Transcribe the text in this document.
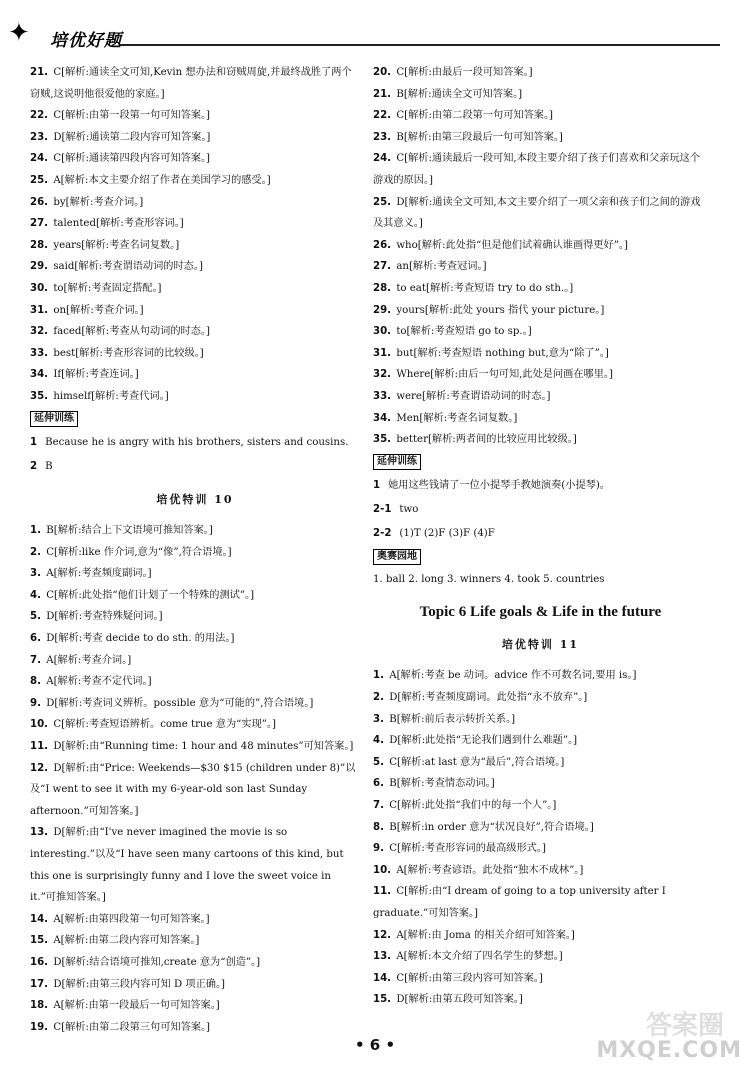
✦ 培优好题
21. C[解析:通读全文可知,Kevin 想办法和窃贼周旋,并最终战胜了两个窃贼,这说明他很爱他的家庭。]
22. C[解析:由第一段第一句可知答案。]
23. D[解析:通读第二段内容可知答案。]
24. C[解析:通读第四段内容可知答案。]
25. A[解析:本文主要介绍了作者在美国学习的感受。]
26. by[解析:考查介词。]
27. talented[解析:考查形容词。]
28. years[解析:考查名词复数。]
29. said[解析:考查谓语动词的时态。]
30. to[解析:考查固定搭配。]
31. on[解析:考查介词。]
32. faced[解析:考查从句动词的时态。]
33. best[解析:考查形容词的比较级。]
34. If[解析:考查连词。]
35. himself[解析:考查代词。]
延伸训练
1 Because he is angry with his brothers, sisters and cousins.
2 B
培优特训 10
1. B[解析:结合上下文语境可推知答案。]
2. C[解析:like 作介词,意为“像”,符合语境。]
3. A[解析:考查频度副词。]
4. C[解析:此处指“他们计划了一个特殊的测试”。]
5. D[解析:考查特殊疑问词。]
6. D[解析:考查 decide to do sth. 的用法。]
7. A[解析:考查介词。]
8. A[解析:考查不定代词。]
9. D[解析:考查词义辨析。possible 意为“可能的”,符合语境。]
10. C[解析:考查短语辨析。come true 意为“实现”。]
11. D[解析:由“Running time: 1 hour and 48 minutes”可知答案。]
12. D[解析:由“Price: Weekends—$30 $15 (children under 8)”以及“I went to see it with my 6-year-old son last Sunday afternoon.”可知答案。]
13. D[解析:由“I've never imagined the movie is so interesting.”以及“I have seen many cartoons of this kind, but this one is surprisingly funny and I love the sweet voice in it.”可推知答案。]
14. A[解析:由第四段第一句可知答案。]
15. A[解析:由第二段内容可知答案。]
16. D[解析:结合语境可推知,create 意为“创造”。]
17. D[解析:由第三段内容可知 D 项正确。]
18. A[解析:由第一段最后一句可知答案。]
19. C[解析:由第二段第三句可知答案。]
20. C[解析:由最后一段可知答案。]
21. B[解析:通读全文可知答案。]
22. C[解析:由第二段第一句可知答案。]
23. B[解析:由第三段最后一句可知答案。]
24. C[解析:通读最后一段可知,本段主要介绍了孩子们喜欢和父亲玩这个游戏的原因。]
25. D[解析:通读全文可知,本文主要介绍了一项父亲和孩子们之间的游戏及其意义。]
26. who[解析:此处指“但是他们试着确认谁画得更好”。]
27. an[解析:考查冠词。]
28. to eat[解析:考查短语 try to do sth.。]
29. yours[解析:此处 yours 指代 your picture。]
30. to[解析:考查短语 go to sp.。]
31. but[解析:考查短语 nothing but,意为“除了”。]
32. Where[解析:由后一句可知,此处是问画在哪里。]
33. were[解析:考查谓语动词的时态。]
34. Men[解析:考查名词复数。]
35. better[解析:两者间的比较应用比较级。]
延伸训练
1 她用这些钱请了一位小提琴手教她演奏(小提琴)。
2-1 two
2-2 (1)T (2)F (3)F (4)F
奥赛园地
1. ball 2. long 3. winners 4. took 5. countries
Topic 6 Life goals & Life in the future
培优特训 11
1. A[解析:考查 be 动词。advice 作不可数名词,要用 is。]
2. D[解析:考查频度副词。此处指“永不放弃”。]
3. B[解析:前后表示转折关系。]
4. D[解析:此处指“无论我们遇到什么难题”。]
5. C[解析:at last 意为“最后”,符合语境。]
6. B[解析:考查情态动词。]
7. C[解析:此处指“我们中的每一个人”。]
8. B[解析:in order 意为“状况良好”,符合语境。]
9. C[解析:考查形容词的最高级形式。]
10. A[解析:考查谚语。此处指“独木不成林”。]
11. C[解析:由“I dream of going to a top university after I graduate.”可知答案。]
12. A[解析:由 Joma 的相关介绍可知答案。]
13. A[解析:本文介绍了四名学生的梦想。]
14. C[解析:由第三段内容可知答案。]
15. D[解析:由第五段可知答案。]
• 6 •
答案圈
MXQE.COM
